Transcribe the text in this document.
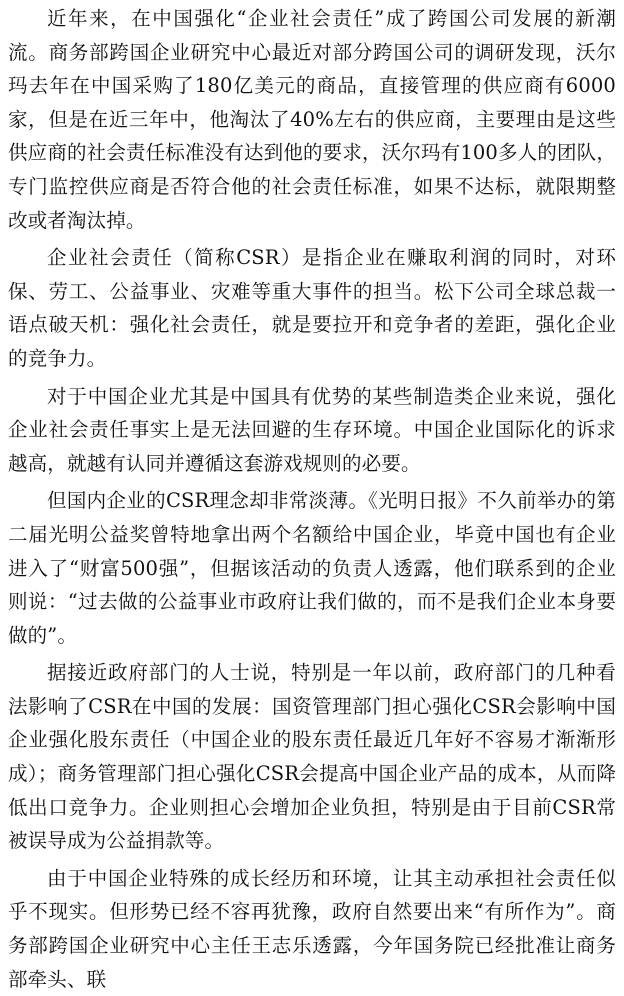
近年来，在中国强化“企业社会责任”成了跨国公司发展的新潮流。商务部跨国企业研究中心最近对部分跨国公司的调研发现，沃尔玛去年在中国采购了180亿美元的商品，直接管理的供应商有6000家，但是在近三年中，他淘汰了40%左右的供应商，主要理由是这些供应商的社会责任标准没有达到他的要求，沃尔玛有100多人的团队，专门监控供应商是否符合他的社会责任标准，如果不达标，就限期整改或者淘汰掉。

企业社会责任（简称CSR）是指企业在赚取利润的同时，对环保、劳工、公益事业、灾难等重大事件的担当。松下公司全球总裁一语点破天机：强化社会责任，就是要拉开和竞争者的差距，强化企业的竞争力。

对于中国企业尤其是中国具有优势的某些制造类企业来说，强化企业社会责任事实上是无法回避的生存环境。中国企业国际化的诉求越高，就越有认同并遵循这套游戏规则的必要。

但国内企业的CSR理念却非常淡薄。《光明日报》不久前举办的第二届光明公益奖曾特地拿出两个名额给中国企业，毕竟中国也有企业进入了“财富500强”，但据该活动的负责人透露，他们联系到的企业则说：“过去做的公益事业市政府让我们做的，而不是我们企业本身要做的”。

据接近政府部门的人士说，特别是一年以前，政府部门的几种看法影响了CSR在中国的发展：国资管理部门担心强化CSR会影响中国企业强化股东责任（中国企业的股东责任最近几年好不容易才渐渐形成）；商务管理部门担心强化CSR会提高中国企业产品的成本，从而降低出口竞争力。企业则担心会增加企业负担，特别是由于目前CSR常被误导成为公益捐款等。

由于中国企业特殊的成长经历和环境，让其主动承担社会责任似乎不现实。但形势已经不容再犹豫，政府自然要出来“有所作为”。商务部跨国企业研究中心主任王志乐透露，今年国务院已经批准让商务部牵头、联
